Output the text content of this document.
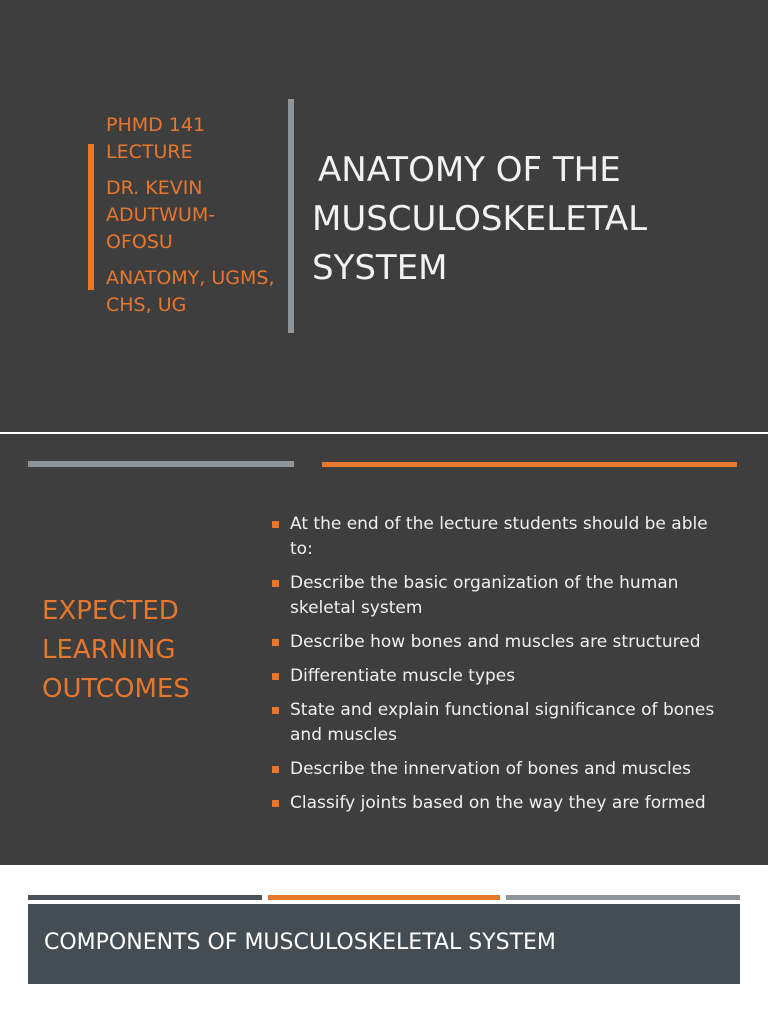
PHMD 141 LECTURE

DR. KEVIN ADUTWUM-OFOSU

ANATOMY, UGMS, CHS, UG

ANATOMY OF THE
MUSCULOSKELETAL
SYSTEM
EXPECTED
LEARNING
OUTCOMES
At the end of the lecture students should be able to:
Describe the basic organization of the human skeletal system
Describe how bones and muscles are structured
Differentiate muscle types
State and explain functional significance of bones and muscles
Describe the innervation of bones and muscles
Classify joints based on the way they are formed
COMPONENTS OF MUSCULOSKELETAL SYSTEM
